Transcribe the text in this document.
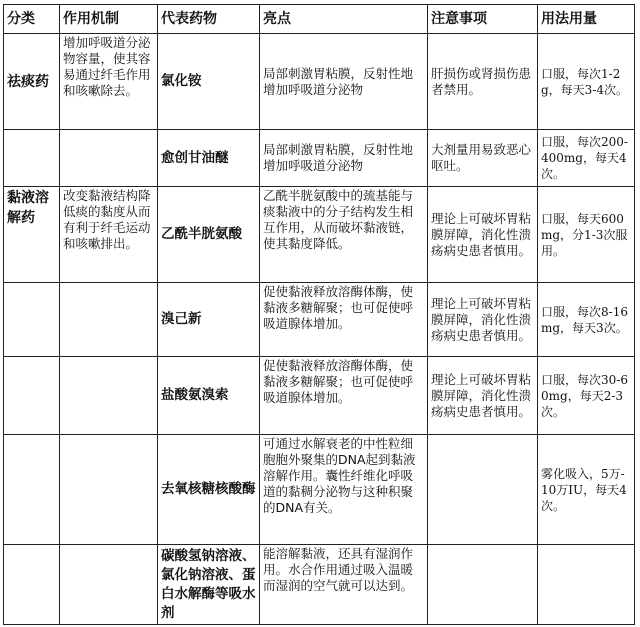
分类	作用机制	代表药物	亮点	注意事项	用法用量
祛痰药	增加呼吸道分泌物容量，使其容易通过纤毛作用和咳嗽除去。	氯化铵	局部刺激胃粘膜，反射性地增加呼吸道分泌物	肝损伤或肾损伤患者禁用。	口服，每次1-2g，每天3-4次。
		愈创甘油醚	局部刺激胃粘膜，反射性地增加呼吸道分泌物	大剂量用易致恶心呕吐。	口服，每次200-400mg，每天4次。
黏液溶解药	改变黏液结构降低痰的黏度从而有利于纤毛运动和咳嗽排出。	乙酰半胱氨酸	乙酰半胱氨酸中的巯基能与痰黏液中的分子结构发生相互作用，从而破坏黏液链，使其黏度降低。	理论上可破坏胃粘膜屏障，消化性溃疡病史患者慎用。	口服，每天600mg，分1-3次服用。
		溴己新	促使黏液释放溶酶体酶，使黏液多糖解聚；也可促使呼吸道腺体增加。	理论上可破坏胃粘膜屏障，消化性溃疡病史患者慎用。	口服，每次8-16mg，每天3次。
		盐酸氨溴索	促使黏液释放溶酶体酶，使黏液多糖解聚；也可促使呼吸道腺体增加。	理论上可破坏胃粘膜屏障，消化性溃疡病史患者慎用。	口服，每次30-60mg，每天2-3次。
		去氧核糖核酸酶	可通过水解衰老的中性粒细胞胞外聚集的DNA起到黏液溶解作用。囊性纤维化呼吸道的黏稠分泌物与这种积聚的DNA有关。		雾化吸入，5万-10万IU，每天4次。
		碳酸氢钠溶液、氯化钠溶液、蛋白水解酶等吸水剂	能溶解黏液，还具有湿润作用。水合作用通过吸入温暖而湿润的空气就可以达到。		
